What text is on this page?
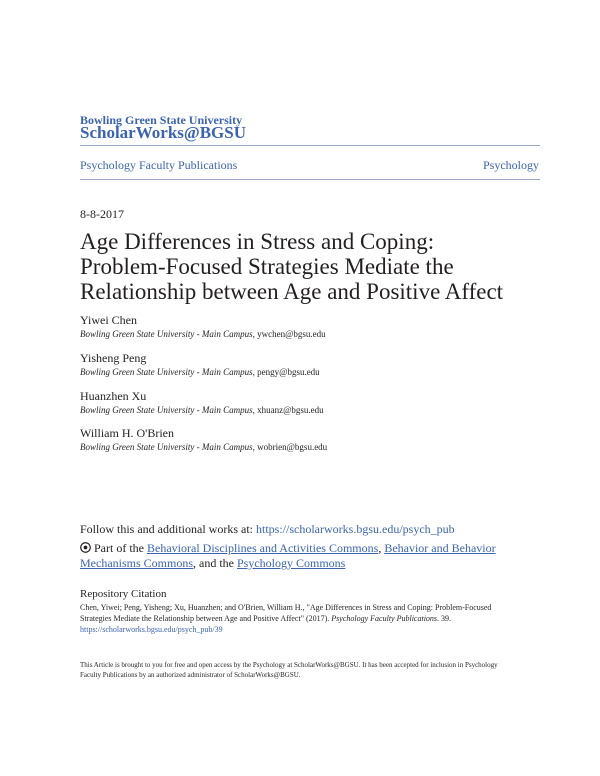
Bowling Green State University
ScholarWorks@BGSU
Psychology Faculty Publications	Psychology
8-8-2017
Age Differences in Stress and Coping: Problem-Focused Strategies Mediate the Relationship between Age and Positive Affect
Yiwei Chen
Bowling Green State University - Main Campus, ywchen@bgsu.edu
Yisheng Peng
Bowling Green State University - Main Campus, pengy@bgsu.edu
Huanzhen Xu
Bowling Green State University - Main Campus, xhuanz@bgsu.edu
William H. O'Brien
Bowling Green State University - Main Campus, wobrien@bgsu.edu
Follow this and additional works at: https://scholarworks.bgsu.edu/psych_pub
Part of the Behavioral Disciplines and Activities Commons, Behavior and Behavior Mechanisms Commons, and the Psychology Commons
Repository Citation
Chen, Yiwei; Peng, Yisheng; Xu, Huanzhen; and O'Brien, William H., "Age Differences in Stress and Coping: Problem-Focused Strategies Mediate the Relationship between Age and Positive Affect" (2017). Psychology Faculty Publications. 39.
https://scholarworks.bgsu.edu/psych_pub/39
This Article is brought to you for free and open access by the Psychology at ScholarWorks@BGSU. It has been accepted for inclusion in Psychology Faculty Publications by an authorized administrator of ScholarWorks@BGSU.
